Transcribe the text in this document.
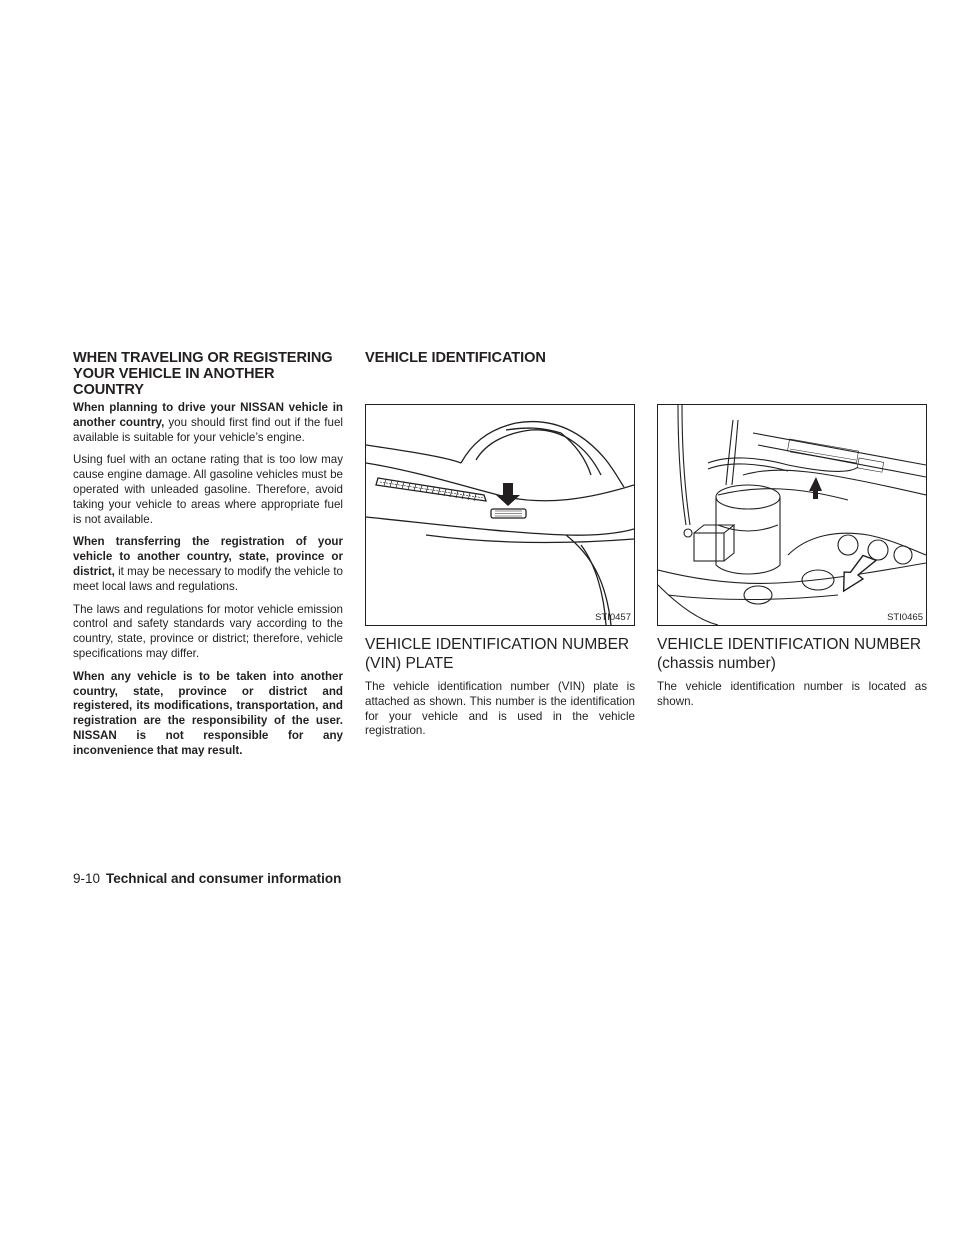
WHEN TRAVELING OR REGISTERING YOUR VEHICLE IN ANOTHER COUNTRY

When planning to drive your NISSAN vehicle in another country, you should first find out if the fuel available is suitable for your vehicle’s engine.

Using fuel with an octane rating that is too low may cause engine damage. All gasoline vehicles must be operated with unleaded gasoline. Therefore, avoid taking your vehicle to areas where appropriate fuel is not available.

When transferring the registration of your vehicle to another country, state, province or district, it may be necessary to modify the vehicle to meet local laws and regulations.

The laws and regulations for motor vehicle emission control and safety standards vary according to the country, state, province or district; therefore, vehicle specifications may differ.

When any vehicle is to be taken into another country, state, province or district and registered, its modifications, transportation, and registration are the responsibility of the user. NISSAN is not responsible for any inconvenience that may result.

VEHICLE IDENTIFICATION
STI0457
VEHICLE IDENTIFICATION NUMBER (VIN) PLATE

The vehicle identification number (VIN) plate is attached as shown. This number is the identification for your vehicle and is used in the vehicle registration.

STI0465
VEHICLE IDENTIFICATION NUMBER
(chassis number)

The vehicle identification number is located as shown.

9-10 Technical and consumer information
